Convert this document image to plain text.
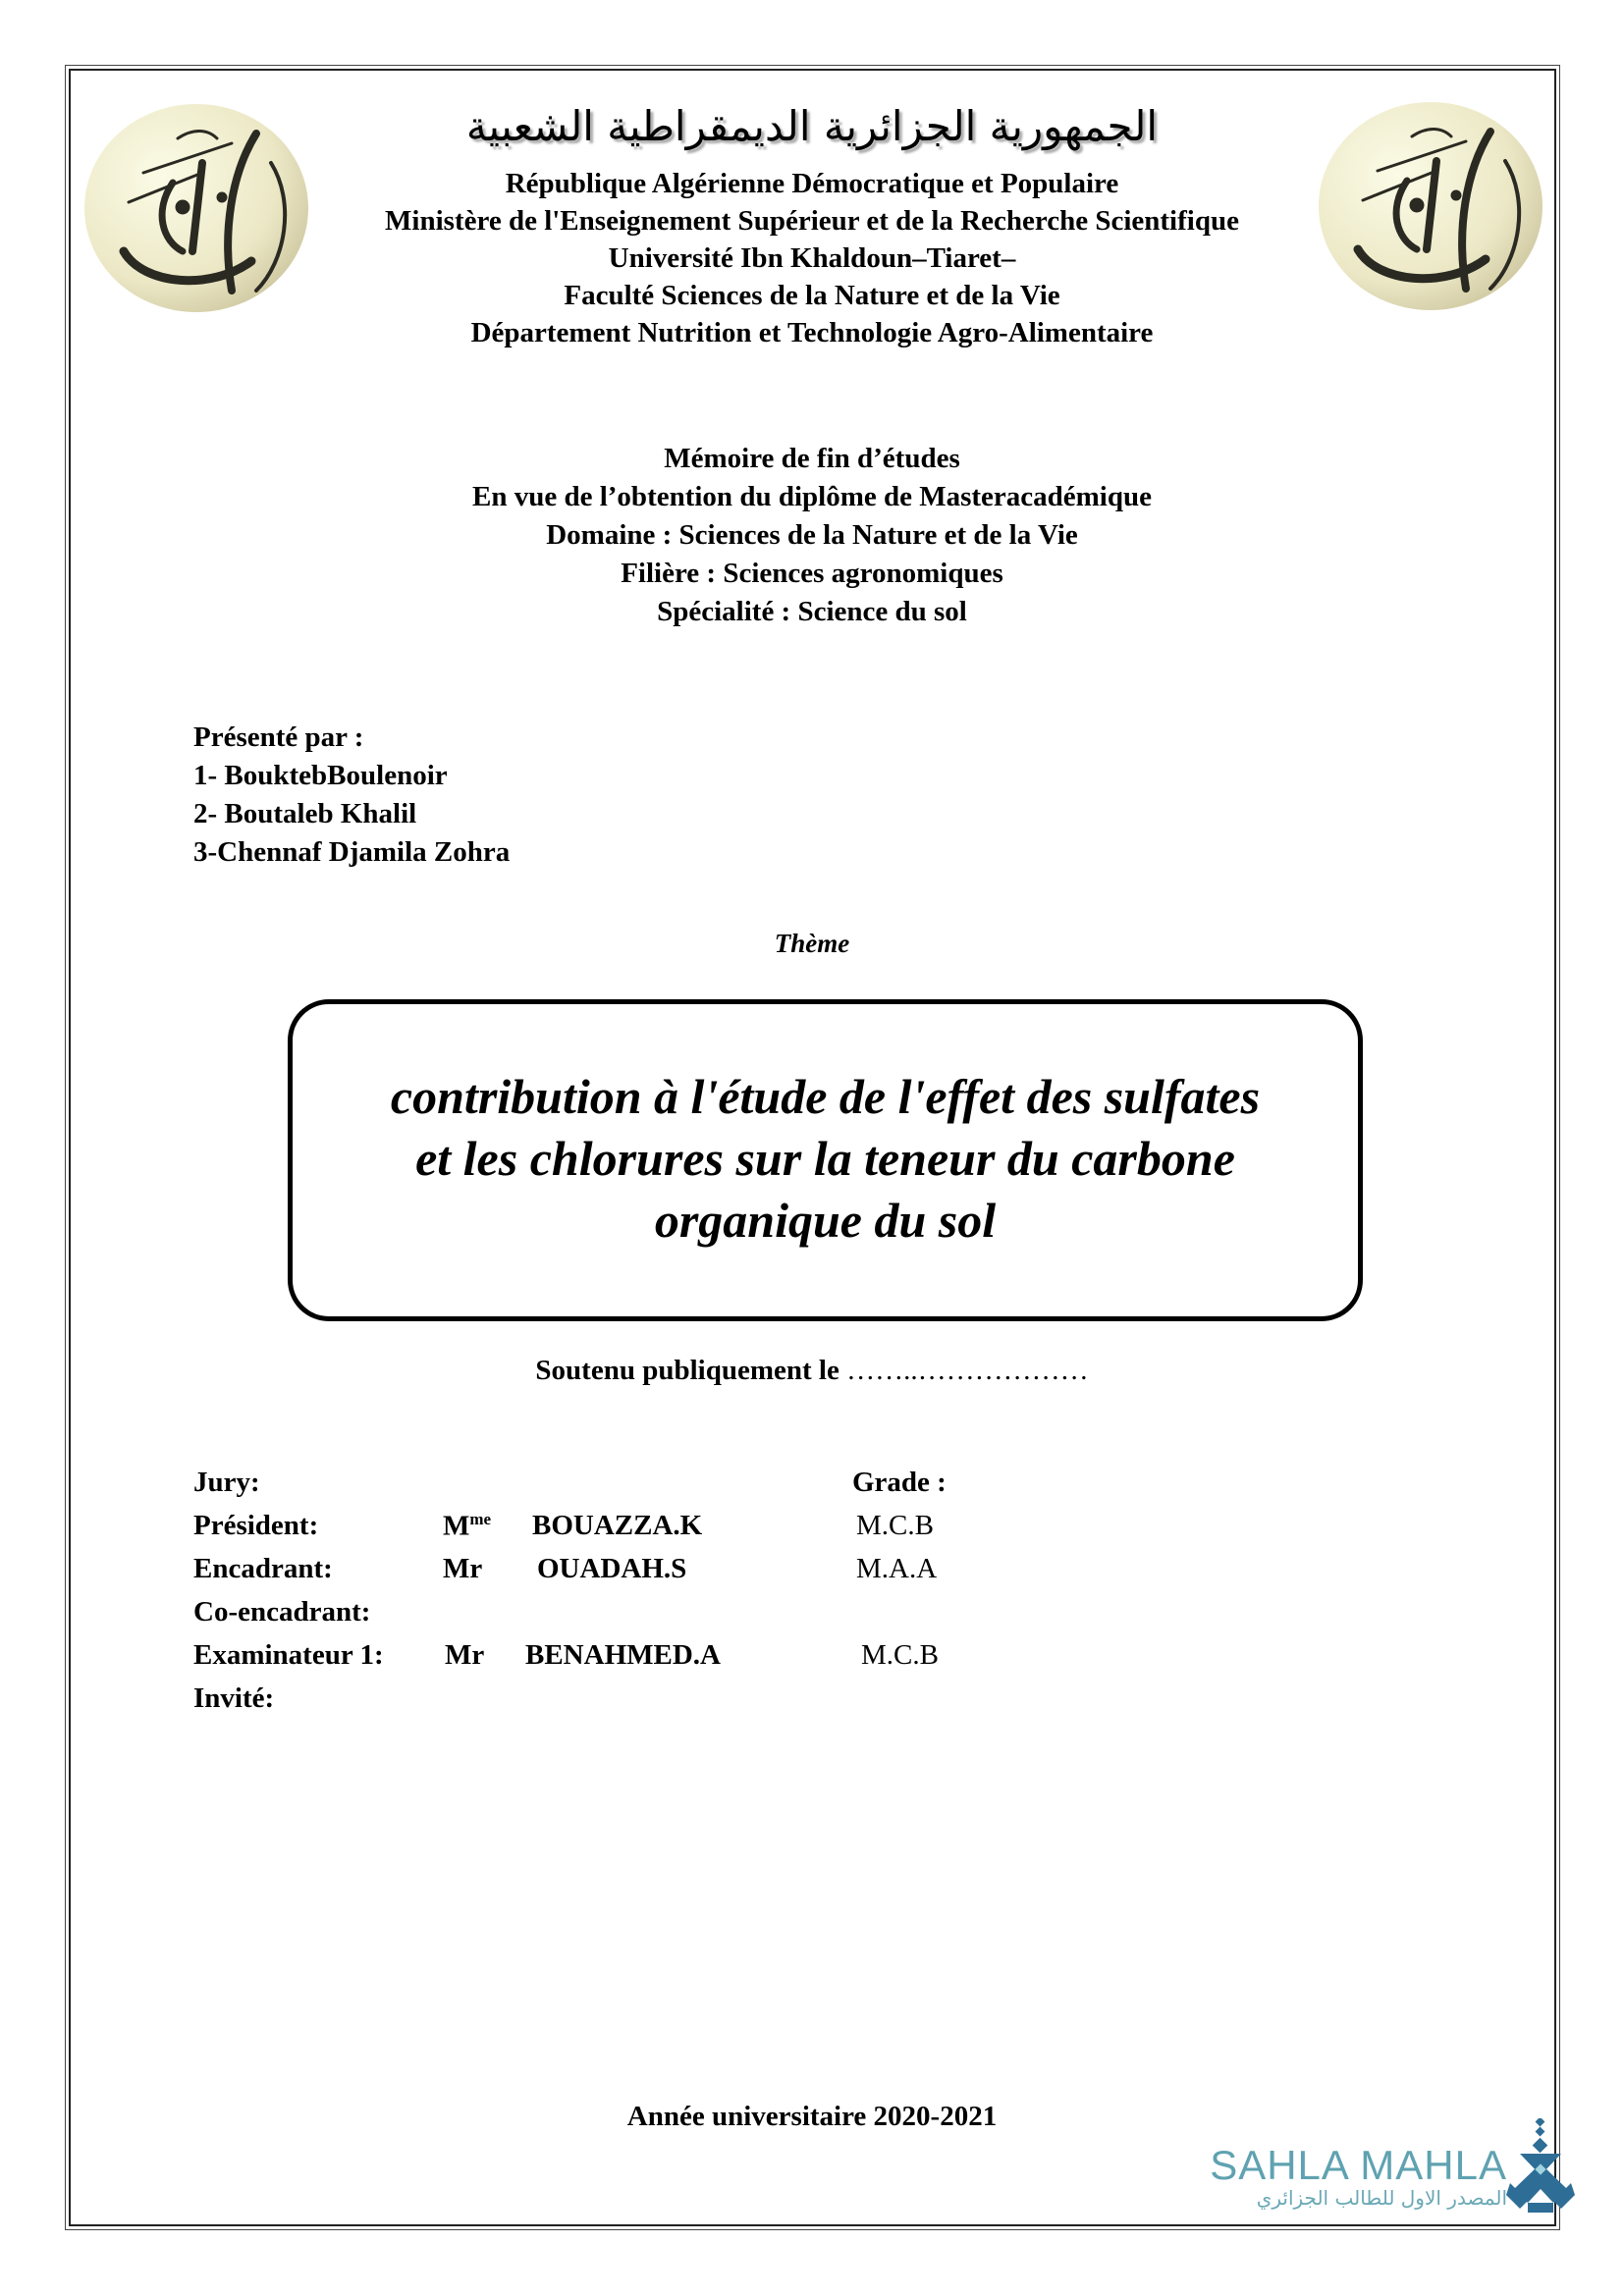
الجمهورية الجزائرية الديمقراطية الشعبية
République Algérienne Démocratique et Populaire
Ministère de l'Enseignement Supérieur et de la Recherche Scientifique
Université Ibn Khaldoun–Tiaret–
Faculté Sciences de la Nature et de la Vie
Département Nutrition et Technologie Agro-Alimentaire
Mémoire de fin d’études
En vue de l’obtention du diplôme de Masteracadémique
Domaine : Sciences de la Nature et de la Vie
Filière : Sciences agronomiques
Spécialité : Science du sol
Présenté par :
1- BouktebBoulenoir
2- Boutaleb Khalil
3-Chennaf Djamila Zohra
Thème
contribution à l'étude de l'effet des sulfates
et les chlorures sur la teneur du carbone
organique du sol
Soutenu publiquement le ……..………………
Jury:	Grade :
Président:	$M^{me}$ BOUAZZA.K	M.C.B
Encadrant:	Mr OUADAH.S	M.A.A
Co-encadrant:
Examinateur 1: Mr BENAHMED.A	M.C.B
Invité:
Année universitaire 2020-2021
SAHLA MAHLA
المصدر الاول للطالب الجزائري
